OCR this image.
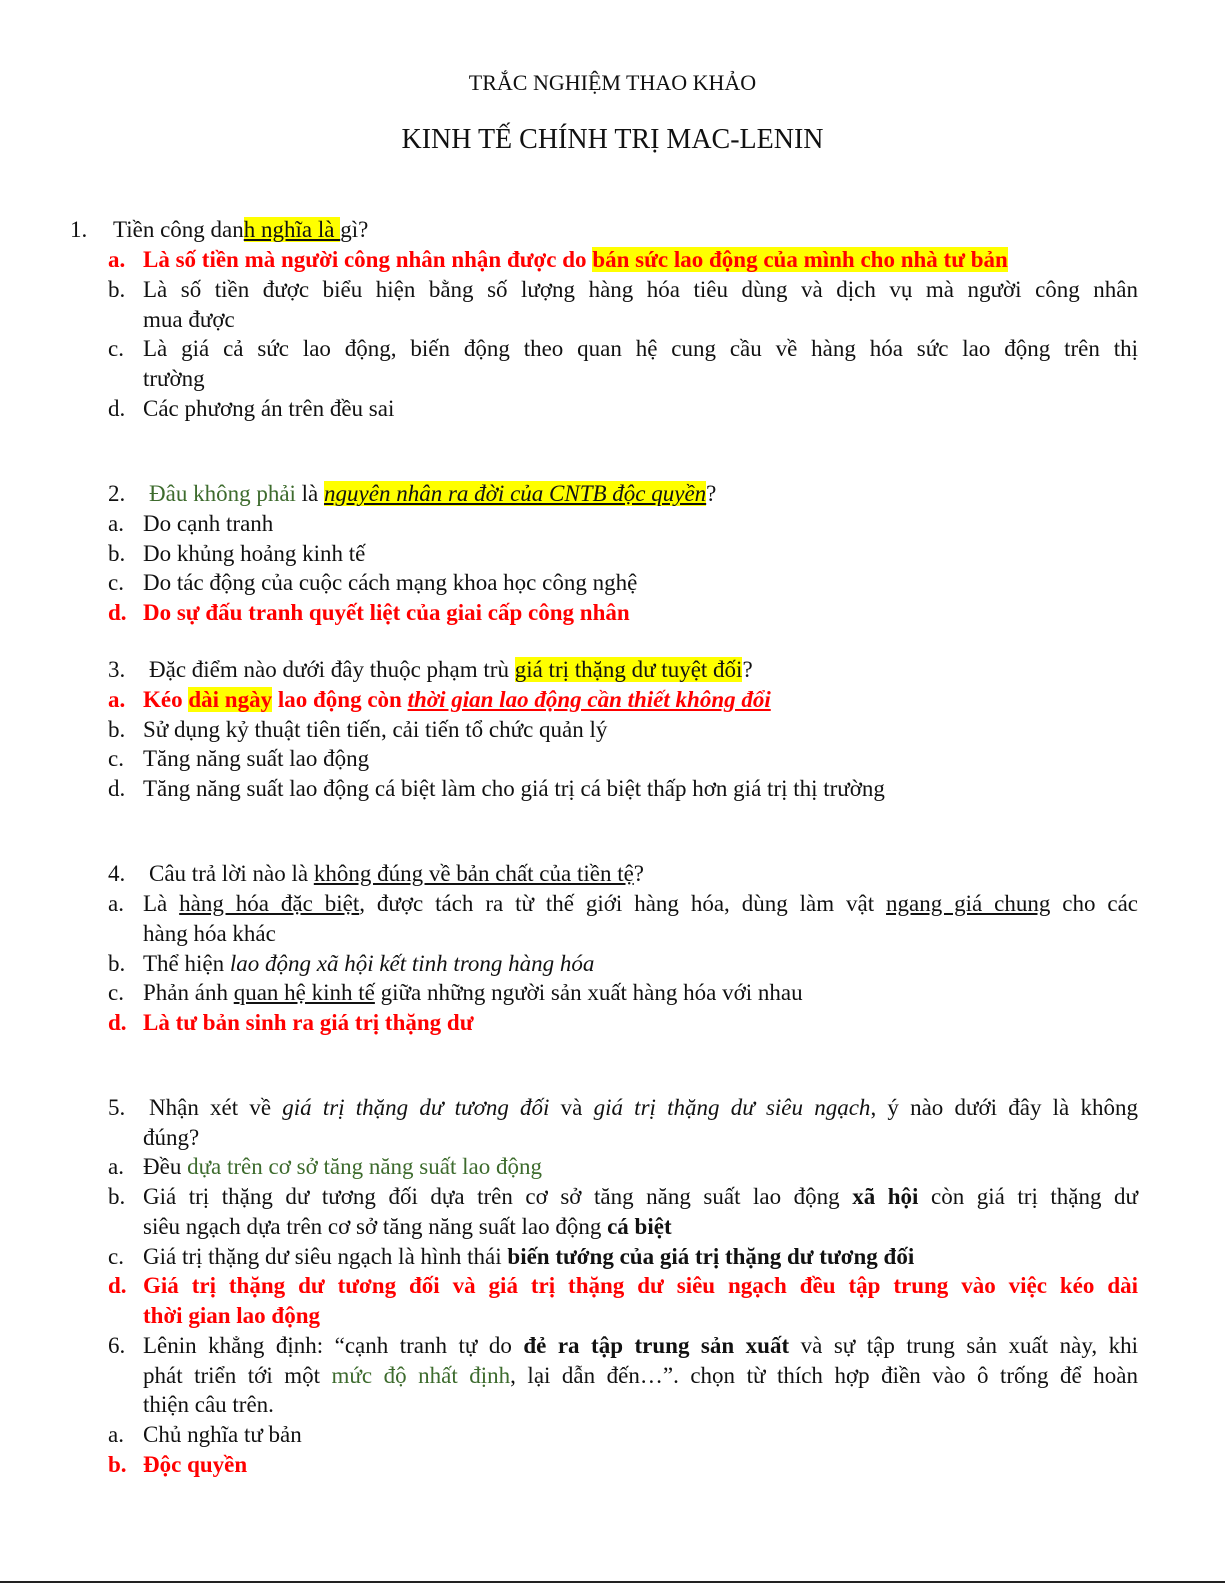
TRẮC NGHIỆM THAO KHẢO
KINH TẾ CHÍNH TRỊ MAC-LENIN
1. Tiền công danh nghĩa là gì?
a. Là số tiền mà người công nhân nhận được do bán sức lao động của mình cho nhà tư bản
b. Là số tiền được biểu hiện bằng số lượng hàng hóa tiêu dùng và dịch vụ mà người công nhân
mua được
c. Là giá cả sức lao động, biến động theo quan hệ cung cầu về hàng hóa sức lao động trên thị
trường
d. Các phương án trên đều sai
2. Đâu không phải là nguyên nhân ra đời của CNTB độc quyền?
a. Do cạnh tranh
b. Do khủng hoảng kinh tế
c. Do tác động của cuộc cách mạng khoa học công nghệ
d. Do sự đấu tranh quyết liệt của giai cấp công nhân
3. Đặc điểm nào dưới đây thuộc phạm trù giá trị thặng dư tuyệt đối?
a. Kéo dài ngày lao động còn thời gian lao động cần thiết không đổi
b. Sử dụng kỷ thuật tiên tiến, cải tiến tổ chức quản lý
c. Tăng năng suất lao động
d. Tăng năng suất lao động cá biệt làm cho giá trị cá biệt thấp hơn giá trị thị trường
4. Câu trả lời nào là không đúng về bản chất của tiền tệ?
a. Là hàng hóa đặc biệt, được tách ra từ thế giới hàng hóa, dùng làm vật ngang giá chung cho các
hàng hóa khác
b. Thể hiện lao động xã hội kết tinh trong hàng hóa
c. Phản ánh quan hệ kinh tế giữa những người sản xuất hàng hóa với nhau
d. Là tư bản sinh ra giá trị thặng dư
5. Nhận xét về giá trị thặng dư tương đối và giá trị thặng dư siêu ngạch, ý nào dưới đây là không
đúng?
a. Đều dựa trên cơ sở tăng năng suất lao động
b. Giá trị thặng dư tương đối dựa trên cơ sở tăng năng suất lao động xã hội còn giá trị thặng dư
siêu ngạch dựa trên cơ sở tăng năng suất lao động cá biệt
c. Giá trị thặng dư siêu ngạch là hình thái biến tướng của giá trị thặng dư tương đối
d. Giá trị thặng dư tương đối và giá trị thặng dư siêu ngạch đều tập trung vào việc kéo dài
thời gian lao động
6. Lênin khẳng định: “cạnh tranh tự do đẻ ra tập trung sản xuất và sự tập trung sản xuất này, khi
phát triển tới một mức độ nhất định, lại dẫn đến…”. chọn từ thích hợp điền vào ô trống để hoàn
thiện câu trên.
a. Chủ nghĩa tư bản
b. Độc quyền
